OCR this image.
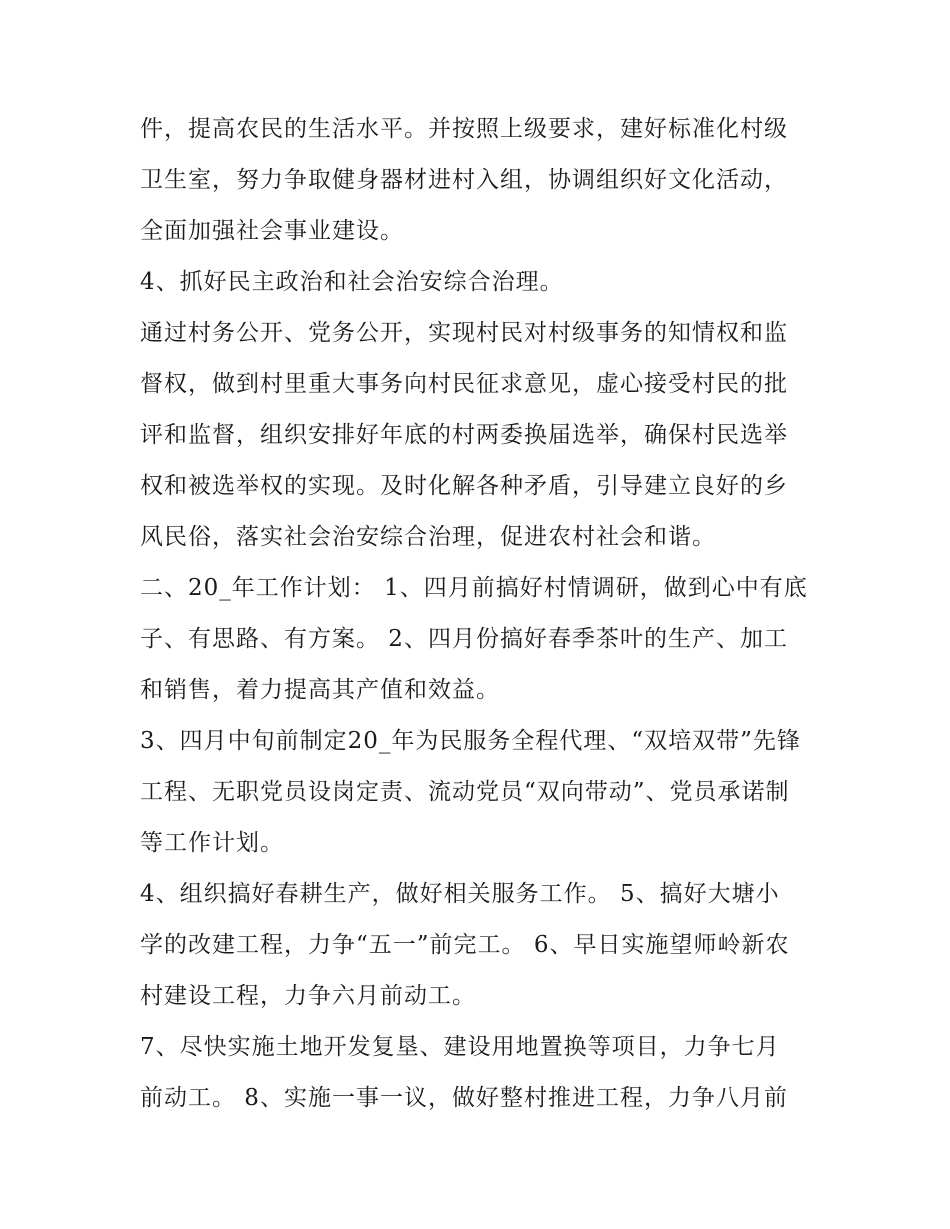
件，提高农民的生活水平。并按照上级要求，建好标准化村级
卫生室，努力争取健身器材进村入组，协调组织好文化活动，
全面加强社会事业建设。
4、抓好民主政治和社会治安综合治理。
通过村务公开、党务公开，实现村民对村级事务的知情权和监
督权，做到村里重大事务向村民征求意见，虚心接受村民的批
评和监督，组织安排好年底的村两委换届选举，确保村民选举
权和被选举权的实现。及时化解各种矛盾，引导建立良好的乡
风民俗，落实社会治安综合治理，促进农村社会和谐。
二、20_年工作计划： 1、四月前搞好村情调研，做到心中有底
子、有思路、有方案。 2、四月份搞好春季茶叶的生产、加工
和销售，着力提高其产值和效益。
3、四月中旬前制定20_年为民服务全程代理、“双培双带”先锋
工程、无职党员设岗定责、流动党员“双向带动”、党员承诺制
等工作计划。
4、组织搞好春耕生产，做好相关服务工作。 5、搞好大塘小
学的改建工程，力争“五一”前完工。 6、早日实施望师岭新农
村建设工程，力争六月前动工。
7、尽快实施土地开发复垦、建设用地置换等项目，力争七月
前动工。 8、实施一事一议，做好整村推进工程，力争八月前
